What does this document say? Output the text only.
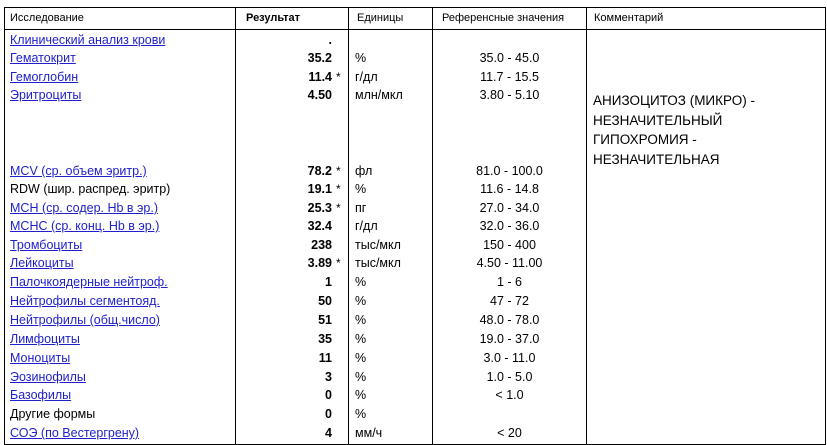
Исследование	Результат	Единицы	Референсные значения	Комментарий
Клинический анализ крови	.
Гематокрит	35.2 %	35.0 - 45.0
Гемоглобин	11.4 *	г/дл	11.7 - 15.5
Эритроциты	4.50 млн/мкл	3.80 - 5.10
MCV (ср. объем эритр.)	78.2 *	фл	81.0 - 100.0
RDW (шир. распред. эритр)	19.1 *	%	11.6 - 14.8
MCH (ср. содер. Hb в эр.)	25.3 *	пг	27.0 - 34.0
MCHC (ср. конц. Hb в эр.)	32.4 г/дл	32.0 - 36.0
Тромбоциты	238 тыс/мкл	150 - 400
Лейкоциты	3.89 *	тыс/мкл	4.50 - 11.00
Палочкоядерные нейтроф.	1 %	1 - 6
Нейтрофилы сегментояд.	50 %	47 - 72
Нейтрофилы (общ.число)	51 %	48.0 - 78.0
Лимфоциты	35 %	19.0 - 37.0
Моноциты	11 %	3.0 - 11.0
Эозинофилы	3 %	1.0 - 5.0
Базофилы	0 %	< 1.0
Другие формы	0 %
СОЭ (по Вестергрену)	4 мм/ч	< 20
АНИЗОЦИТОЗ (МИКРО) -
НЕЗНАЧИТЕЛЬНЫЙ
ГИПОХРОМИЯ -
НЕЗНАЧИТЕЛЬНАЯ
